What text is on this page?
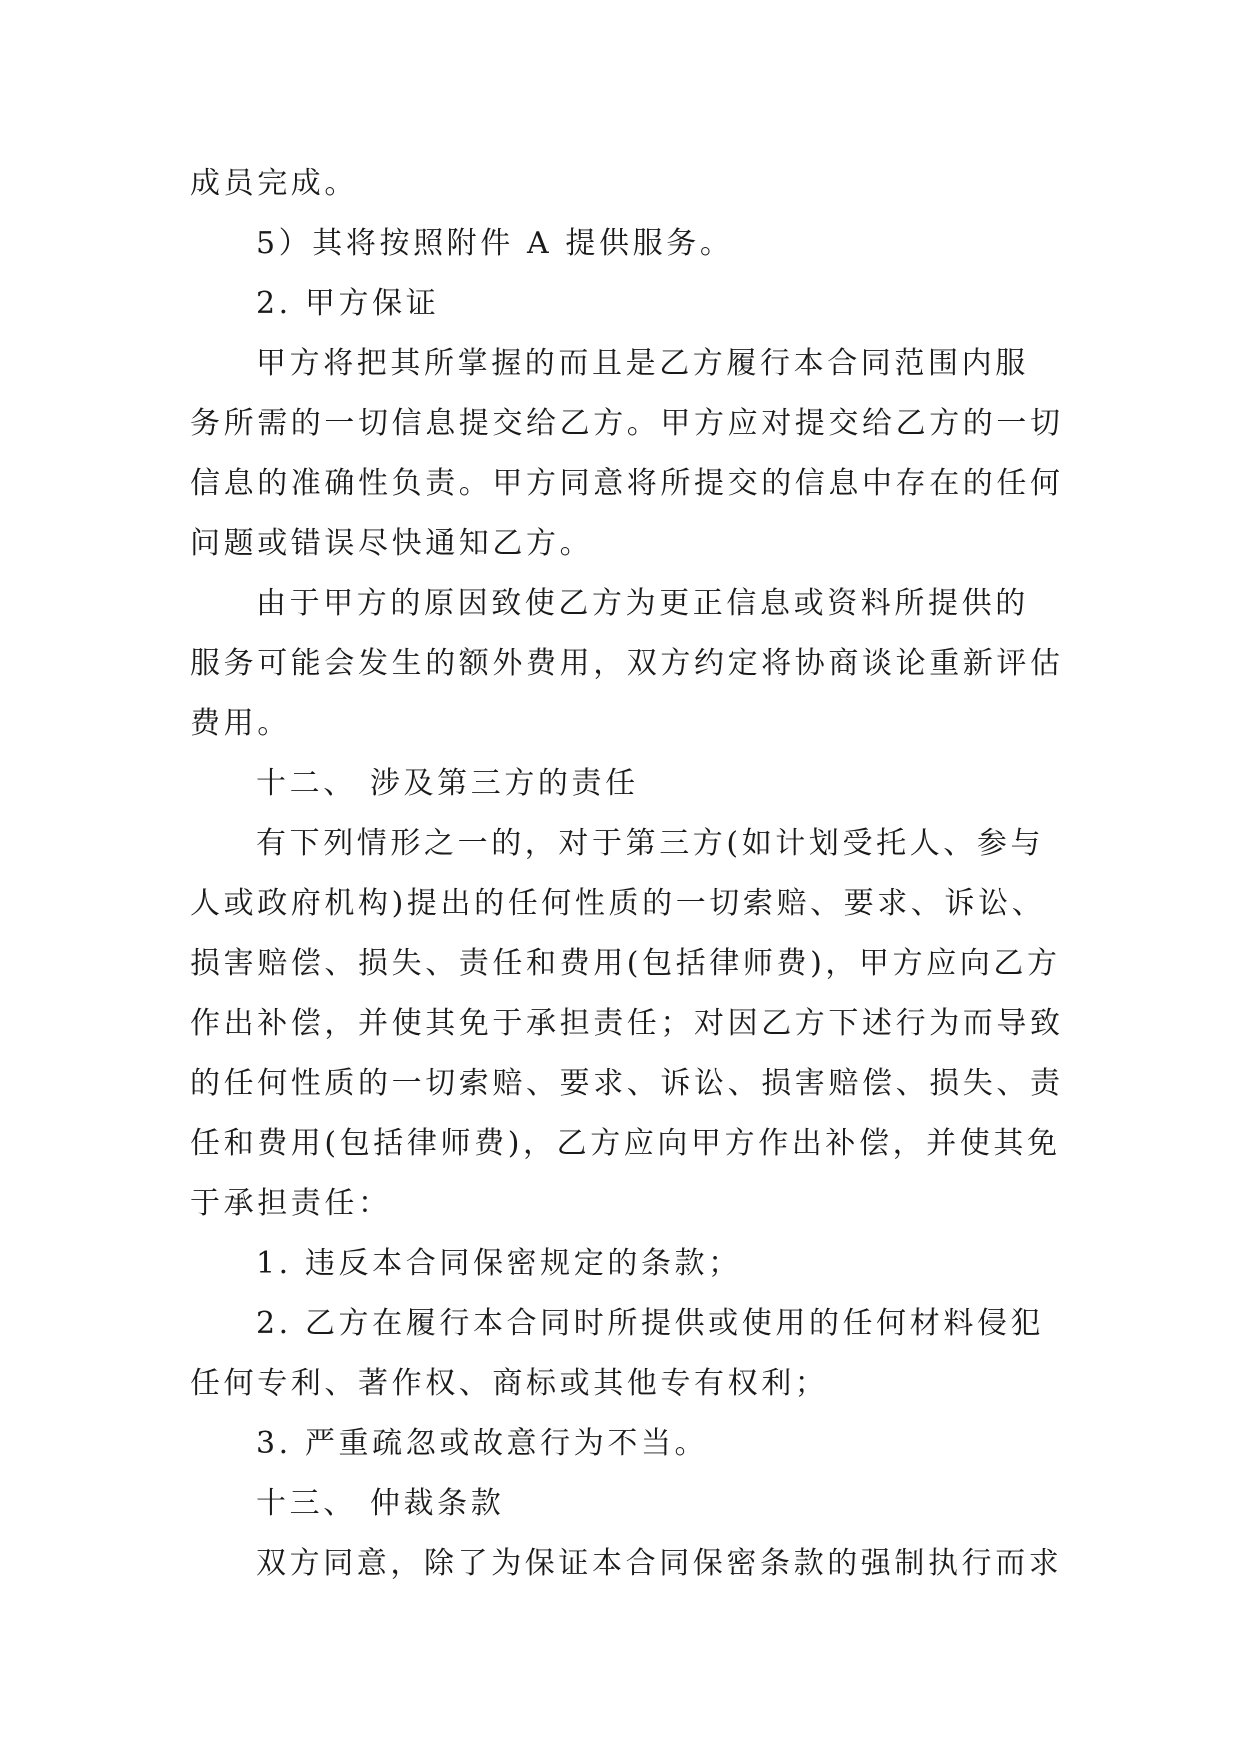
成员完成。
5）其将按照附件 A 提供服务。
2. 甲方保证
甲方将把其所掌握的而且是乙方履行本合同范围内服
务所需的一切信息提交给乙方。甲方应对提交给乙方的一切
信息的准确性负责。甲方同意将所提交的信息中存在的任何
问题或错误尽快通知乙方。
由于甲方的原因致使乙方为更正信息或资料所提供的
服务可能会发生的额外费用，双方约定将协商谈论重新评估
费用。
十二、 涉及第三方的责任
有下列情形之一的，对于第三方(如计划受托人、参与
人或政府机构)提出的任何性质的一切索赔、要求、诉讼、
损害赔偿、损失、责任和费用(包括律师费)，甲方应向乙方
作出补偿，并使其免于承担责任；对因乙方下述行为而导致
的任何性质的一切索赔、要求、诉讼、损害赔偿、损失、责
任和费用(包括律师费)，乙方应向甲方作出补偿，并使其免
于承担责任：
1. 违反本合同保密规定的条款；
2. 乙方在履行本合同时所提供或使用的任何材料侵犯
任何专利、著作权、商标或其他专有权利；
3. 严重疏忽或故意行为不当。
十三、 仲裁条款
双方同意，除了为保证本合同保密条款的强制执行而求
